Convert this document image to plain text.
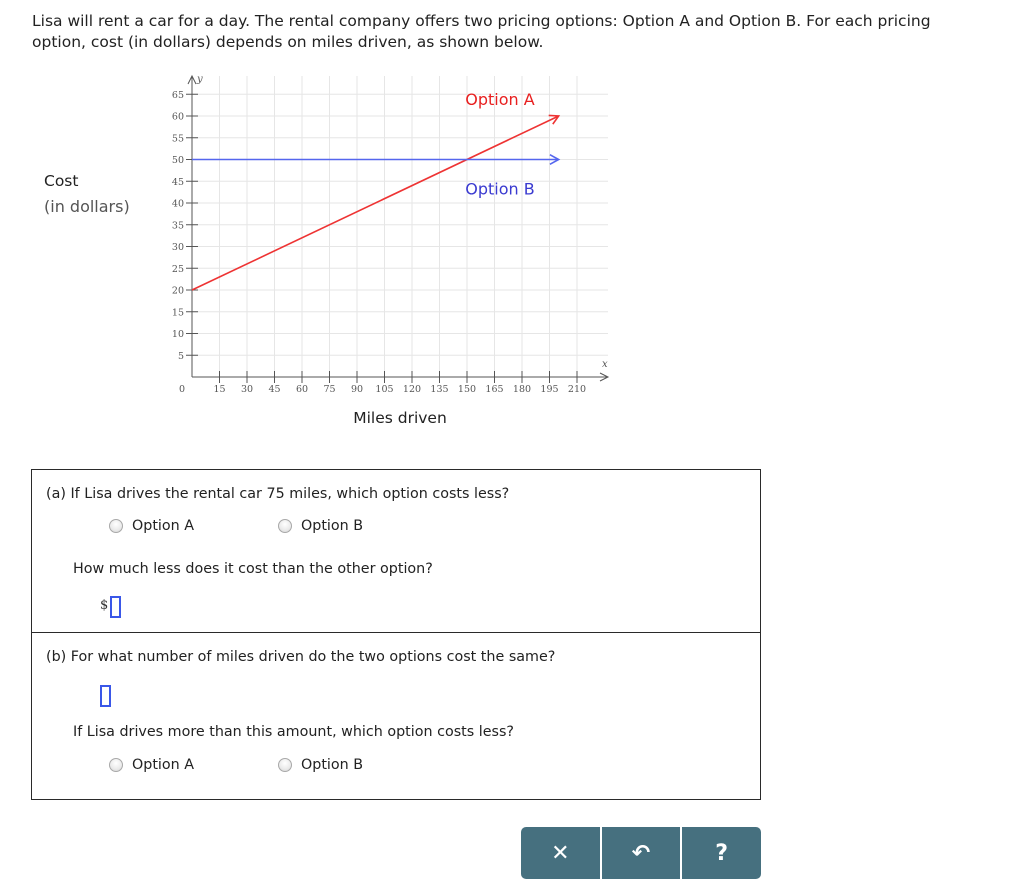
Lisa will rent a car for a day. The rental company offers two pricing options: Option A and Option B. For each pricing
option, cost (in dollars) depends on miles driven, as shown below.
Cost
(in dollars)
15 30 45 60 75 90 105 120 135 150 165 180 195 210
5
10
15
20
25
30
35
40
45
50
55
60
65
0
x
y
Option A
Option B
Miles driven
(a) If Lisa drives the rental car 75 miles, which option costs less?
Option A	Option B
How much less does it cost than the other option?
$
(b) For what number of miles driven do the two options cost the same?
If Lisa drives more than this amount, which option costs less?
Option A	Option B
✕	↶	?
